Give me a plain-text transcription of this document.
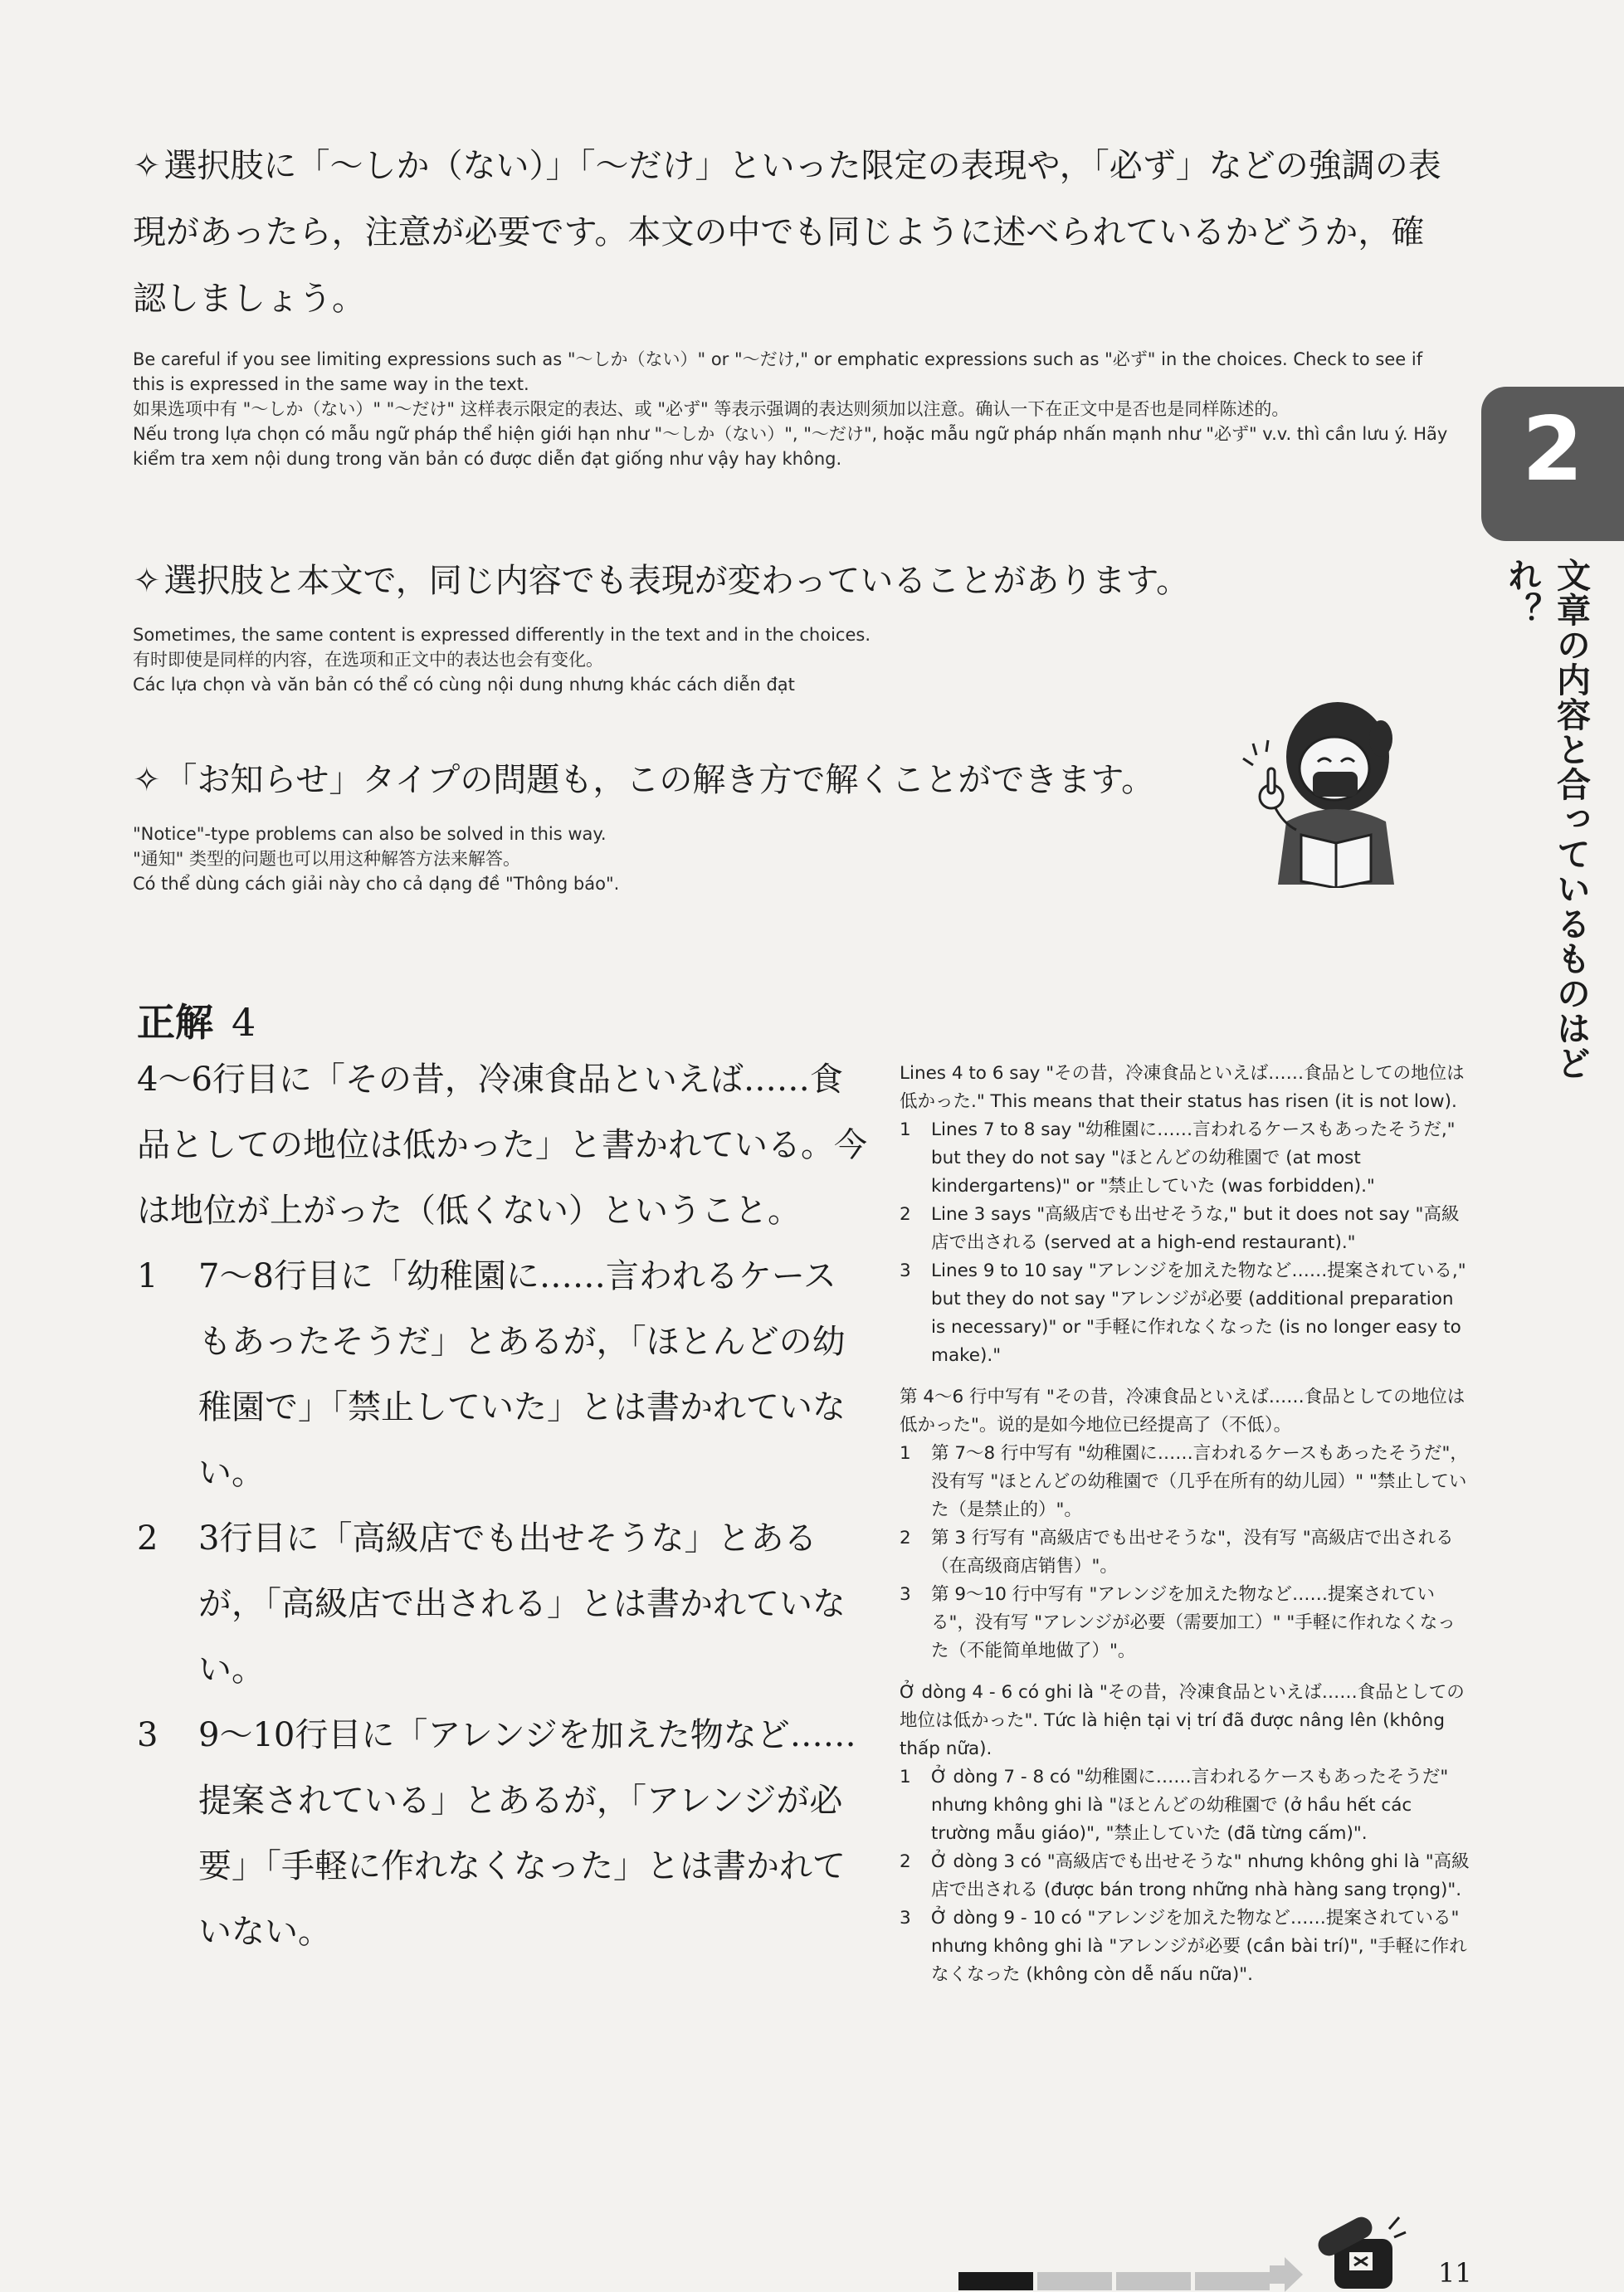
✧ 選択肢に「～しか（ない）」「～だけ」といった限定の表現や，「必ず」などの強調の表現があったら，注意が必要です。本文の中でも同じように述べられているかどうか，確認しましょう。
Be careful if you see limiting expressions such as "～しか（ない）" or "～だけ," or emphatic expressions such as "必ず" in the choices. Check to see if this is expressed in the same way in the text.
如果选项中有 "～しか（ない）" "～だけ" 这样表示限定的表达、或 "必ず" 等表示强调的表达则须加以注意。确认一下在正文中是否也是同样陈述的。
Nếu trong lựa chọn có mẫu ngữ pháp thể hiện giới hạn như "～しか（ない）", "～だけ", hoặc mẫu ngữ pháp nhấn mạnh như "必ず" v.v. thì cần lưu ý. Hãy kiểm tra xem nội dung trong văn bản có được diễn đạt giống như vậy hay không.
✧ 選択肢と本文で，同じ内容でも表現が変わっていることがあります。
Sometimes, the same content is expressed differently in the text and in the choices.
有时即使是同样的内容，在选项和正文中的表达也会有变化。
Các lựa chọn và văn bản có thể có cùng nội dung nhưng khác cách diễn đạt
✧ 「お知らせ」タイプの問題も，この解き方で解くことができます。
"Notice"-type problems can also be solved in this way.
"通知" 类型的问题也可以用这种解答方法来解答。
Có thể dùng cách giải này cho cả dạng đề "Thông báo".
2
文章の内容と合っているものはどれ？
正解 4
4～6行目に「その昔，冷凍食品といえば……食品としての地位は低かった」と書かれている。今は地位が上がった（低くない）ということ。
1	7～8行目に「幼稚園に……言われるケースもあったそうだ」とあるが，「ほとんどの幼稚園で」「禁止していた」とは書かれていない。
2	3行目に「高級店でも出せそうな」とあるが，「高級店で出される」とは書かれていない。
3	9～10行目に「アレンジを加えた物など……提案されている」とあるが，「アレンジが必要」「手軽に作れなくなった」とは書かれていない。
Lines 4 to 6 say "その昔，冷凍食品といえば……食品としての地位は低かった." This means that their status has risen (it is not low).
1	Lines 7 to 8 say "幼稚園に……言われるケースもあったそうだ," but they do not say "ほとんどの幼稚園で (at most kindergartens)" or "禁止していた (was forbidden)."
2	Line 3 says "高級店でも出せそうな," but it does not say "高級店で出される (served at a high-end restaurant)."
3	Lines 9 to 10 say "アレンジを加えた物など……提案されている," but they do not say "アレンジが必要 (additional preparation is necessary)" or "手軽に作れなくなった (is no longer easy to make)."
第 4～6 行中写有 "その昔，冷凍食品といえば……食品としての地位は低かった"。说的是如今地位已经提高了（不低）。
1	第 7～8 行中写有 "幼稚園に……言われるケースもあったそうだ"，没有写 "ほとんどの幼稚園で（几乎在所有的幼儿园）" "禁止していた（是禁止的）"。
2	第 3 行写有 "高級店でも出せそうな"，没有写 "高級店で出される（在高级商店销售）"。
3	第 9～10 行中写有 "アレンジを加えた物など……提案されている"，没有写 "アレンジが必要（需要加工）" "手軽に作れなくなった（不能简单地做了）"。
Ở dòng 4 - 6 có ghi là "その昔，冷凍食品といえば……食品としての地位は低かった". Tức là hiện tại vị trí đã được nâng lên (không thấp nữa).
1	Ở dòng 7 - 8 có "幼稚園に……言われるケースもあったそうだ" nhưng không ghi là "ほとんどの幼稚園で (ở hầu hết các trường mẫu giáo)", "禁止していた (đã từng cấm)".
2	Ở dòng 3 có "高級店でも出せそうな" nhưng không ghi là "高級店で出される (được bán trong những nhà hàng sang trọng)".
3	Ở dòng 9 - 10 có "アレンジを加えた物など……提案されている" nhưng không ghi là "アレンジが必要 (cần bài trí)", "手軽に作れなくなった (không còn dễ nấu nữa)".
11
